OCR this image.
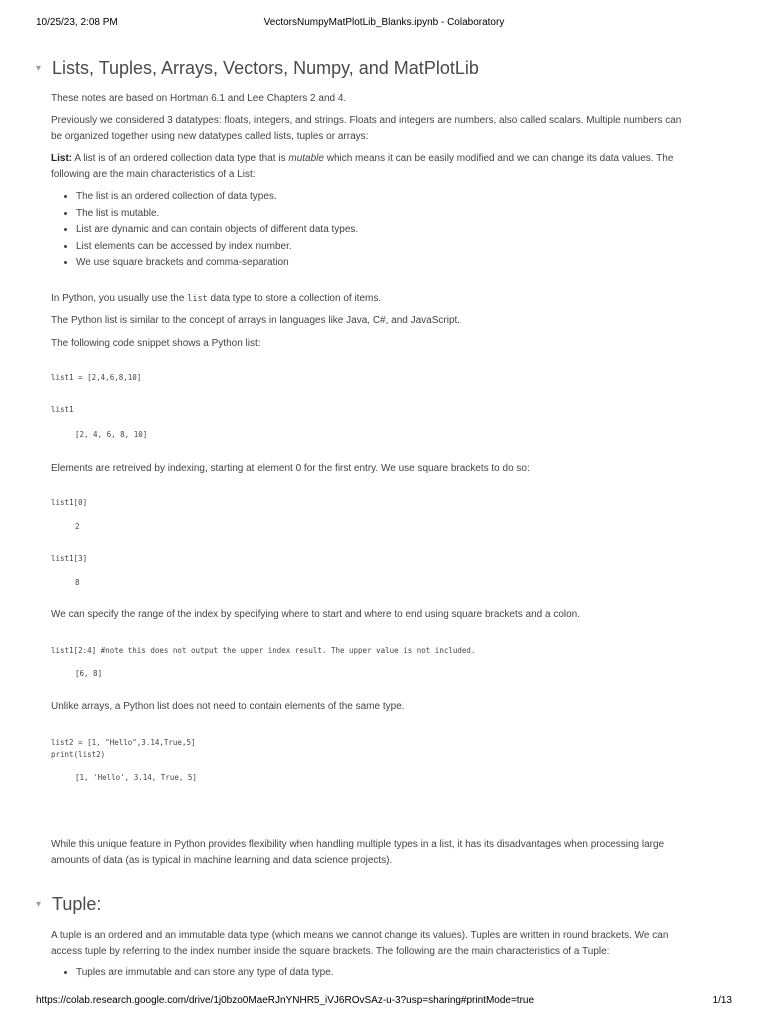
10/25/23, 2:08 PM	VectorsNumpyMatPlotLib_Blanks.ipynb - Colaboratory
▾ Lists, Tuples, Arrays, Vectors, Numpy, and MatPlotLib
These notes are based on Hortman 6.1 and Lee Chapters 2 and 4.
Previously we considered 3 datatypes: floats, integers, and strings. Floats and integers are numbers, also called scalars. Multiple numbers can be organized together using new datatypes called lists, tuples or arrays:
List: A list is of an ordered collection data type that is mutable which means it can be easily modified and we can change its data values. The following are the main characteristics of a List:
• The list is an ordered collection of data types.
• The list is mutable.
• List are dynamic and can contain objects of different data types.
• List elements can be accessed by index number.
• We use square brackets and comma-separation
In Python, you usually use the list data type to store a collection of items.
The Python list is similar to the concept of arrays in languages like Java, C#, and JavaScript.
The following code snippet shows a Python list:
list1 = [2,4,6,8,10]
list1
[2, 4, 6, 8, 10]
Elements are retreived by indexing, starting at element 0 for the first entry. We use square brackets to do so:
list1[0]
2
list1[3]
8
We can specify the range of the index by specifying where to start and where to end using square brackets and a colon.
list1[2:4] #note this does not output the upper index result. The upper value is not included.
[6, 8]
Unlike arrays, a Python list does not need to contain elements of the same type.
list2 = [1, "Hello",3.14,True,5]
print(list2)
[1, 'Hello', 3.14, True, 5]
While this unique feature in Python provides flexibility when handling multiple types in a list, it has its disadvantages when processing large amounts of data (as is typical in machine learning and data science projects).
▾ Tuple:
A tuple is an ordered and an immutable data type (which means we cannot change its values). Tuples are written in round brackets. We can access tuple by referring to the index number inside the square brackets. The following are the main characteristics of a Tuple:
• Tuples are immutable and can store any type of data type.
https://colab.research.google.com/drive/1j0bzo0MaeRJnYNHR5_iVJ6ROvSAz-u-3?usp=sharing#printMode=true	1/13
